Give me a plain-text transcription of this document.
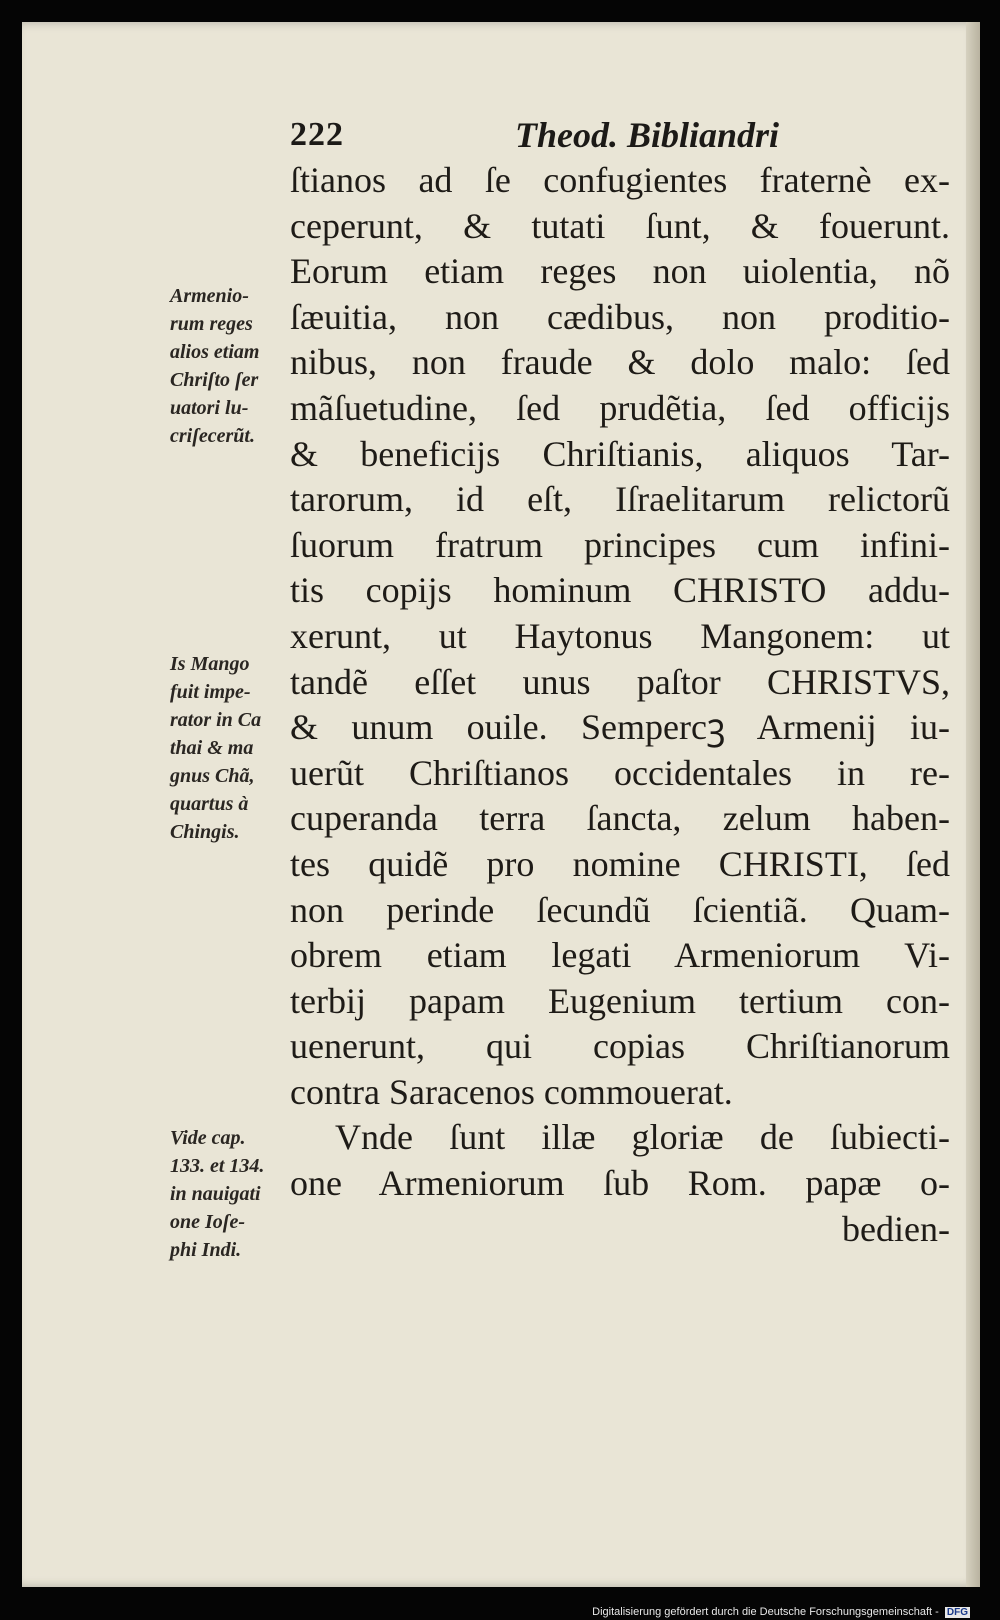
222	Theod. Bibliandri
ſtianos ad ſe confugientes fraternè ex-
ceperunt, & tutati ſunt, & fouerunt.
Eorum etiam reges non uiolentia, nõ
ſæuitia, non cædibus, non proditio-
nibus, non fraude & dolo malo: ſed
mãſuetudine, ſed prudẽtia, ſed officijs
& beneficijs Chriſtianis, aliquos Tar-
tarorum, id eſt, Iſraelitarum relictorũ
ſuorum fratrum principes cum infini-
tis copijs hominum CHRISTO addu-
xerunt, ut Haytonus Mangonem: ut
tandẽ eſſet unus paſtor CHRISTVS,
& unum ouile. Sempercꝫ Armenij iu-
uerũt Chriſtianos occidentales in re-
cuperanda terra ſancta, zelum haben-
tes quidẽ pro nomine CHRISTI, ſed
non perinde ſecundũ ſcientiã. Quam-
obrem etiam legati Armeniorum Vi-
terbij papam Eugenium tertium con-
uenerunt, qui copias Chriſtianorum
contra Saracenos commouerat.
Vnde ſunt illæ gloriæ de ſubiecti-
one Armeniorum ſub Rom. papæ o-
bedien-
Armenio-
rum reges
alios etiam
Chriſto ſer
uatori lu-
criſecerũt.
Is Mango
fuit impe-
rator in Ca
thai & ma
gnus Chã,
quartus à
Chingis.
Vide cap.
133. et 134.
in nauigati
one Ioſe-
phi Indi.
Digitalisierung gefördert durch die Deutsche Forschungsgemeinschaft - DFG
